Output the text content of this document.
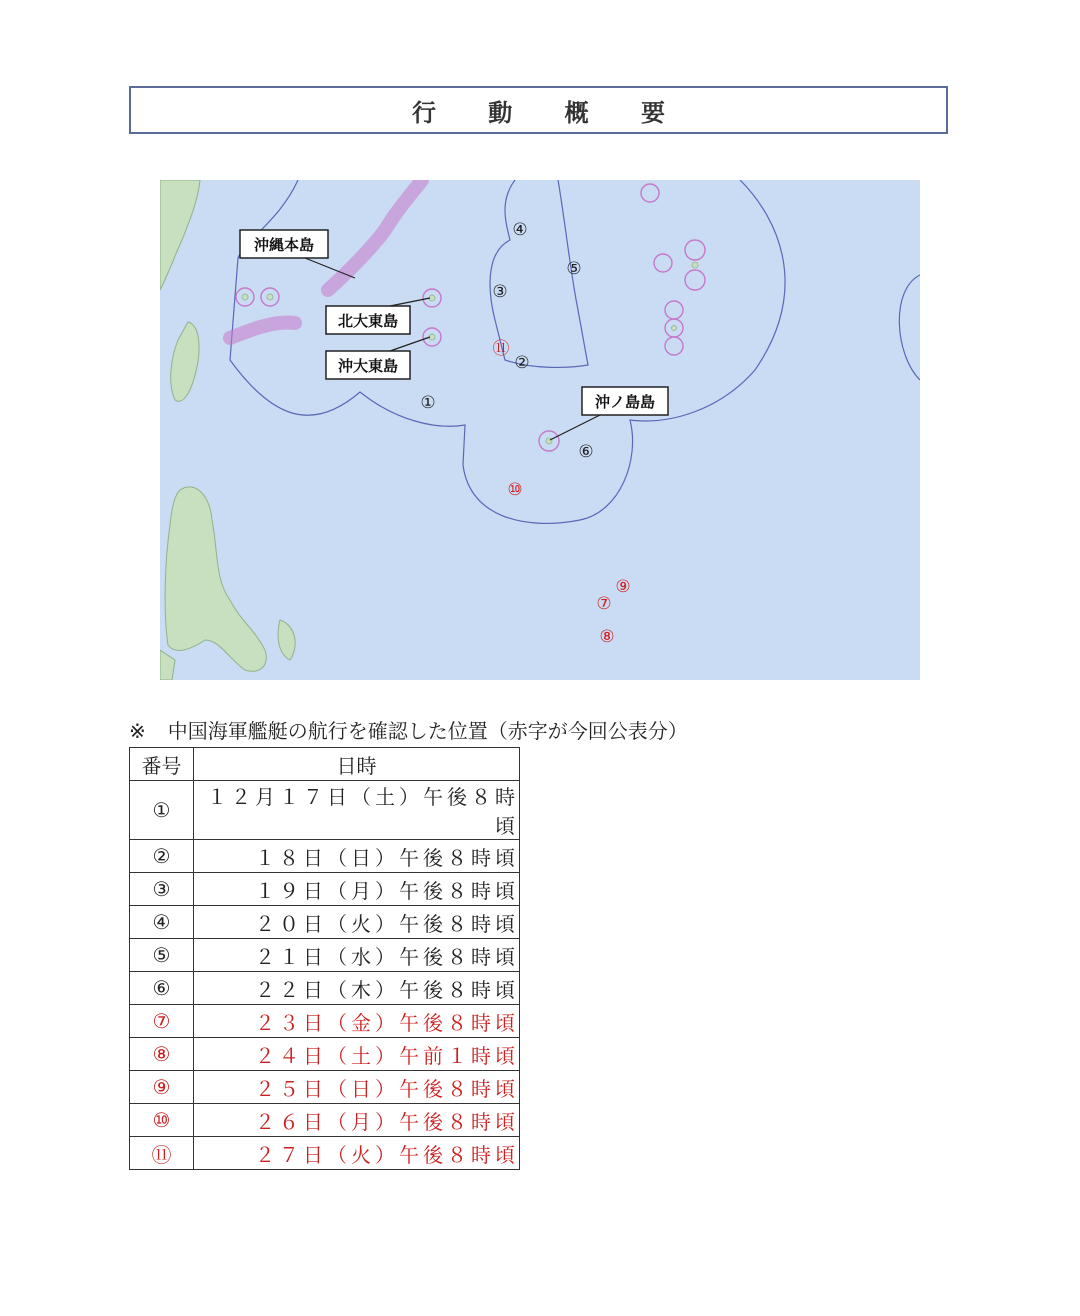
行 動 概 要
沖縄本島
北大東島
沖大東島
沖ノ島島
①
②
③
④
⑤
⑥
⑦
⑧
⑨
⑩
⑪
※ 中国海軍艦艇の航行を確認した位置（赤字が今回公表分）
番号	日時
①	１２月１７日（土）午後８時頃
②	１８日（日）午後８時頃
③	１９日（月）午後８時頃
④	２０日（火）午後８時頃
⑤	２１日（水）午後８時頃
⑥	２２日（木）午後８時頃
⑦	２３日（金）午後８時頃
⑧	２４日（土）午前１時頃
⑨	２５日（日）午後８時頃
⑩	２６日（月）午後８時頃
⑪	２７日（火）午後８時頃
